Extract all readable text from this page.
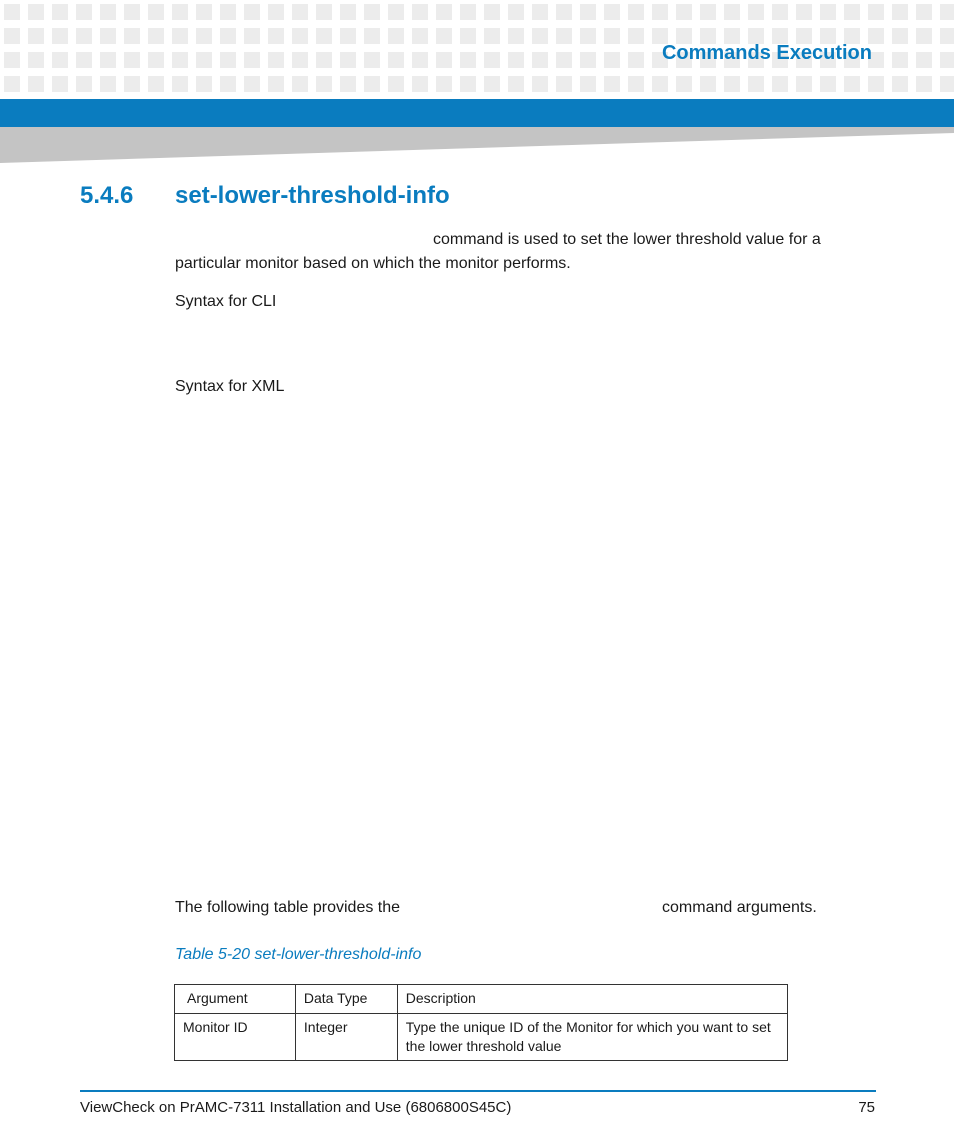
Commands Execution
5.4.6 set-lower-threshold-info
command is used to set the lower threshold value for a particular monitor based on which the monitor performs.
Syntax for CLI
Syntax for XML
The following table provides the	command arguments.
Table 5-20 set-lower-threshold-info
Argument	Data Type	Description
Monitor ID	Integer	Type the unique ID of the Monitor for which you want to set the lower threshold value
ViewCheck on PrAMC-7311 Installation and Use (6806800S45C)	75
